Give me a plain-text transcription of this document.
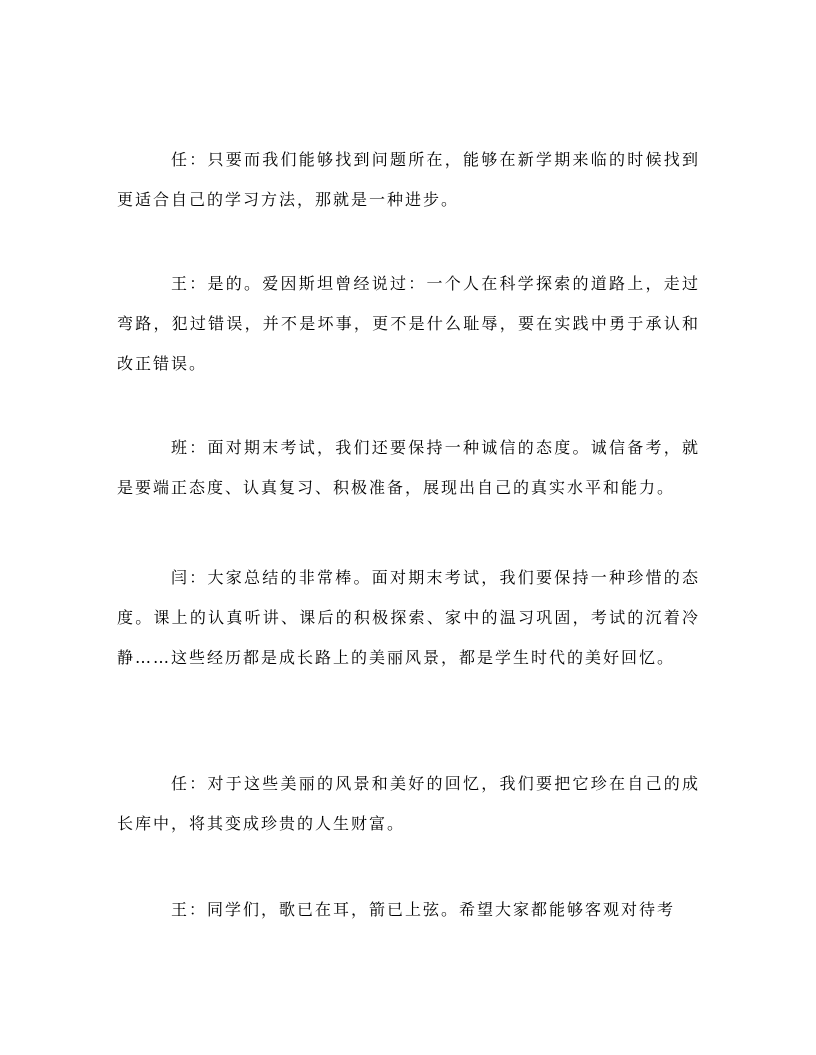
任：只要而我们能够找到问题所在，能够在新学期来临的时候找到更适合自己的学习方法，那就是一种进步。

王：是的。爱因斯坦曾经说过：一个人在科学探索的道路上，走过弯路，犯过错误，并不是坏事，更不是什么耻辱，要在实践中勇于承认和改正错误。

班：面对期末考试，我们还要保持一种诚信的态度。诚信备考，就是要端正态度、认真复习、积极准备，展现出自己的真实水平和能力。

闫：大家总结的非常棒。面对期末考试，我们要保持一种珍惜的态度。课上的认真听讲、课后的积极探索、家中的温习巩固，考试的沉着冷静……这些经历都是成长路上的美丽风景，都是学生时代的美好回忆。

任：对于这些美丽的风景和美好的回忆，我们要把它珍在自己的成长库中，将其变成珍贵的人生财富。

王：同学们，歌已在耳，箭已上弦。希望大家都能够客观对待考
